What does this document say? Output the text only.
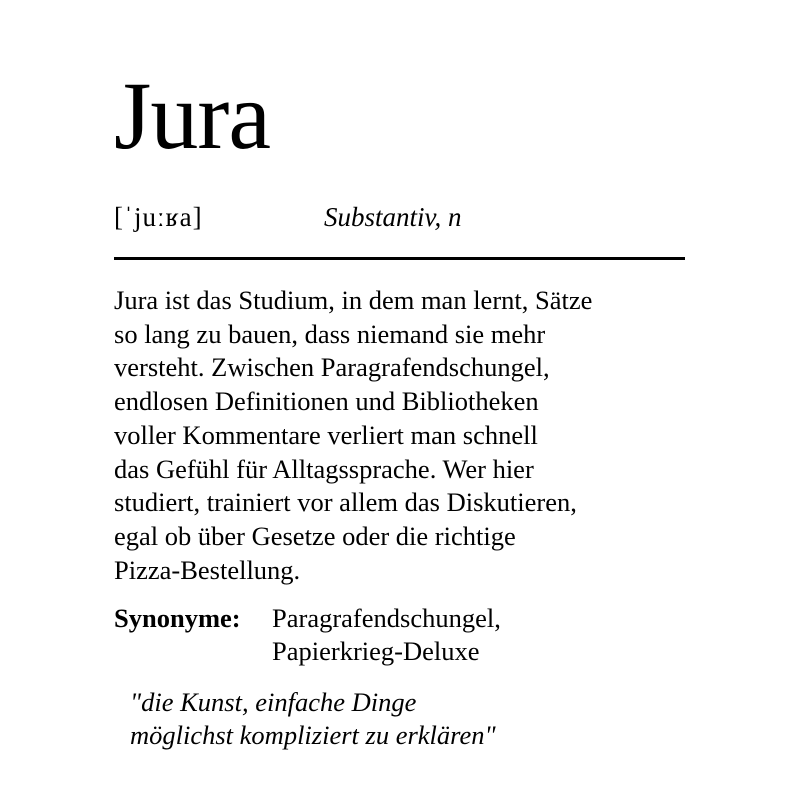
Jura
[ˈjuːʁa]	Substantiv, n

Jura ist das Studium, in dem man lernt, Sätze
so lang zu bauen, dass niemand sie mehr
versteht. Zwischen Paragrafendschungel,
endlosen Definitionen und Bibliotheken
voller Kommentare verliert man schnell
das Gefühl für Alltagssprache. Wer hier
studiert, trainiert vor allem das Diskutieren,
egal ob über Gesetze oder die richtige
Pizza-Bestellung.

Synonyme: Paragrafendschungel,
Papierkrieg-Deluxe
"die Kunst, einfache Dinge
möglichst kompliziert zu erklären"
